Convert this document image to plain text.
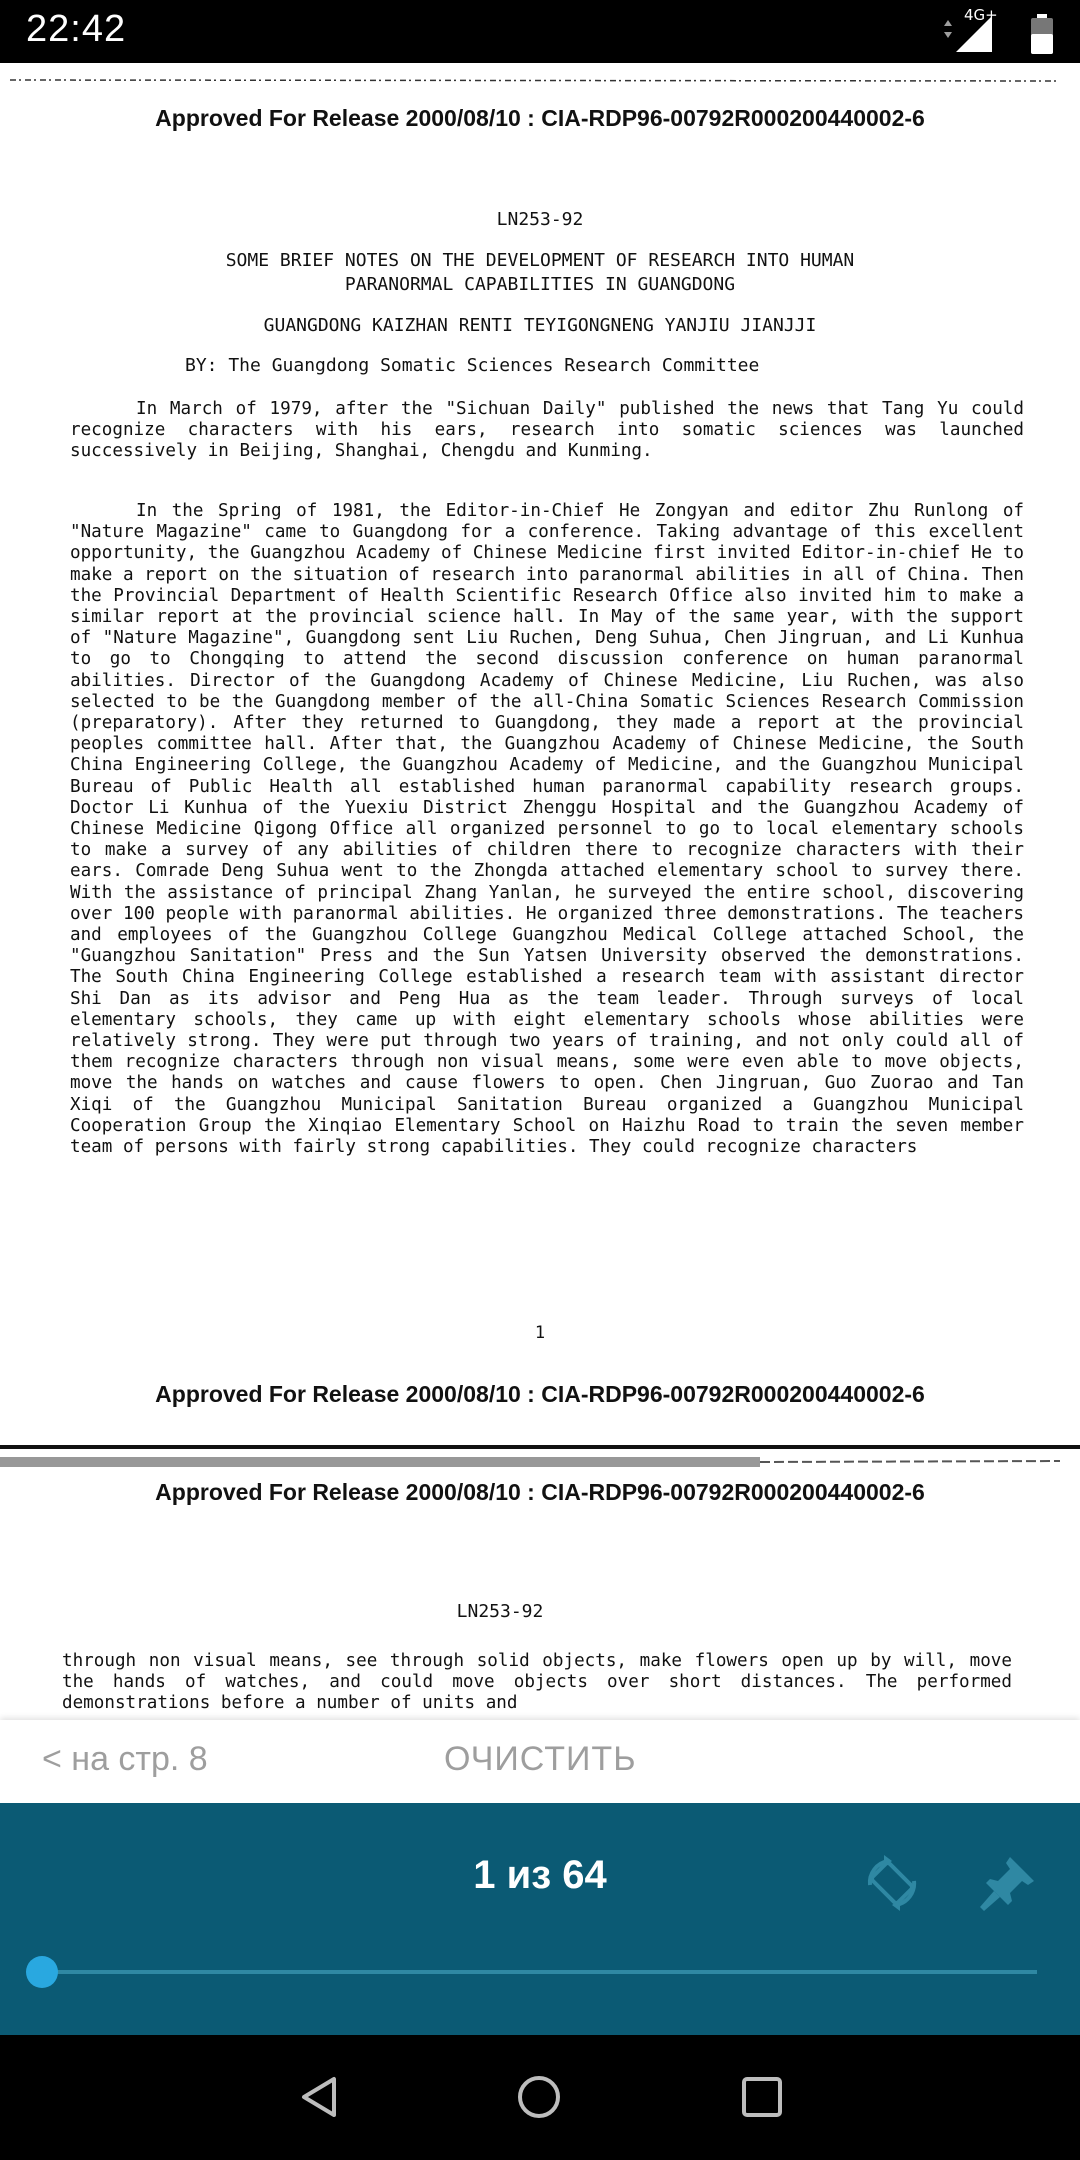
22:42	4G+
Approved For Release 2000/08/10 : CIA-RDP96-00792R000200440002-6
LN253-92
SOME BRIEF NOTES ON THE DEVELOPMENT OF RESEARCH INTO HUMAN
PARANORMAL CAPABILITIES IN GUANGDONG
GUANGDONG KAIZHAN RENTI TEYIGONGNENG YANJIU JIANJJI
BY: The Guangdong Somatic Sciences Research Committee
In March of 1979, after the "Sichuan Daily" published the news that Tang Yu could recognize characters with his ears, research into somatic sciences was launched successively in Beijing, Shanghai, Chengdu and Kunming.
In the Spring of 1981, the Editor-in-Chief He Zongyan and editor Zhu Runlong of "Nature Magazine" came to Guangdong for a conference. Taking advantage of this excellent opportunity, the Guangzhou Academy of Chinese Medicine first invited Editor-in-chief He to make a report on the situation of research into paranormal abilities in all of China. Then the Provincial Department of Health Scientific Research Office also invited him to make a similar report at the provincial science hall. In May of the same year, with the support of "Nature Magazine", Guangdong sent Liu Ruchen, Deng Suhua, Chen Jingruan, and Li Kunhua to go to Chongqing to attend the second discussion conference on human paranormal abilities. Director of the Guangdong Academy of Chinese Medicine, Liu Ruchen, was also selected to be the Guangdong member of the all-China Somatic Sciences Research Commission (preparatory). After they returned to Guangdong, they made a report at the provincial peoples committee hall. After that, the Guangzhou Academy of Chinese Medicine, the South China Engineering College, the Guangzhou Academy of Medicine, and the Guangzhou Municipal Bureau of Public Health all established human paranormal capability research groups. Doctor Li Kunhua of the Yuexiu District Zhenggu Hospital and the Guangzhou Academy of Chinese Medicine Qigong Office all organized personnel to go to local elementary schools to make a survey of any abilities of children there to recognize characters with their ears. Comrade Deng Suhua went to the Zhongda attached elementary school to survey there. With the assistance of principal Zhang Yanlan, he surveyed the entire school, discovering over 100 people with paranormal abilities. He organized three demonstrations. The teachers and employees of the Guangzhou College Guangzhou Medical College attached School, the "Guangzhou Sanitation" Press and the Sun Yatsen University observed the demonstrations. The South China Engineering College established a research team with assistant director Shi Dan as its advisor and Peng Hua as the team leader. Through surveys of local elementary schools, they came up with eight elementary schools whose abilities were relatively strong. They were put through two years of training, and not only could all of them recognize characters through non visual means, some were even able to move objects, move the hands on watches and cause flowers to open. Chen Jingruan, Guo Zuorao and Tan Xiqi of the Guangzhou Municipal Sanitation Bureau organized a Guangzhou Municipal Cooperation Group the Xinqiao Elementary School on Haizhu Road to train the seven member team of persons with fairly strong capabilities. They could recognize characters
1
Approved For Release 2000/08/10 : CIA-RDP96-00792R000200440002-6
Approved For Release 2000/08/10 : CIA-RDP96-00792R000200440002-6
LN253-92
through non visual means, see through solid objects, make flowers open up by will, move the hands of watches, and could move objects over short distances. The performed demonstrations before a number of units and
< на стр. 8	ОЧИСТИТЬ
1 из 64
